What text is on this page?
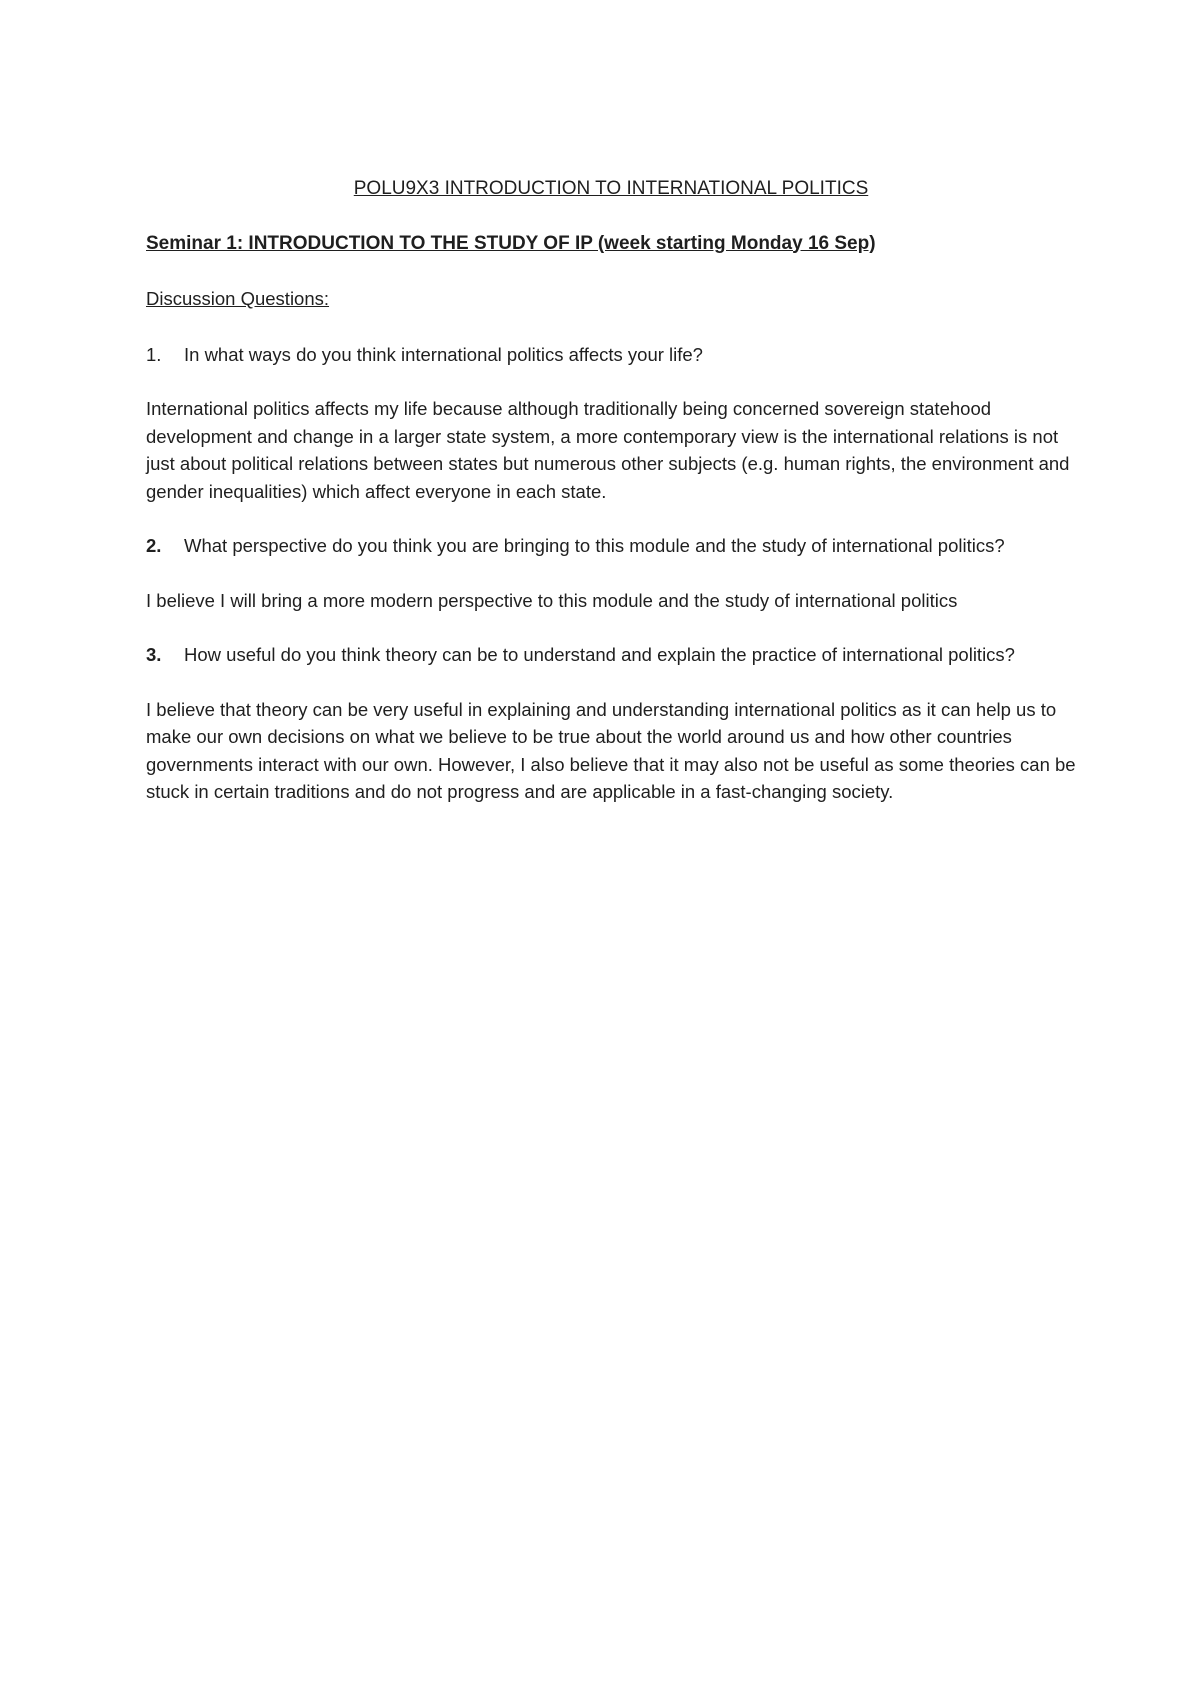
POLU9X3 INTRODUCTION TO INTERNATIONAL POLITICS
Seminar 1: INTRODUCTION TO THE STUDY OF IP (week starting Monday 16 Sep)
Discussion Questions:
1.	In what ways do you think international politics affects your life?
International politics affects my life because although traditionally being concerned sovereign statehood development and change in a larger state system, a more contemporary view is the international relations is not just about political relations between states but numerous other subjects (e.g. human rights, the environment and gender inequalities) which affect everyone in each state.
2.	What perspective do you think you are bringing to this module and the study of international politics?
I believe I will bring a more modern perspective to this module and the study of international politics
3.	How useful do you think theory can be to understand and explain the practice of international politics?
I believe that theory can be very useful in explaining and understanding international politics as it can help us to make our own decisions on what we believe to be true about the world around us and how other countries governments interact with our own. However, I also believe that it may also not be useful as some theories can be stuck in certain traditions and do not progress and are applicable in a fast-changing society.
